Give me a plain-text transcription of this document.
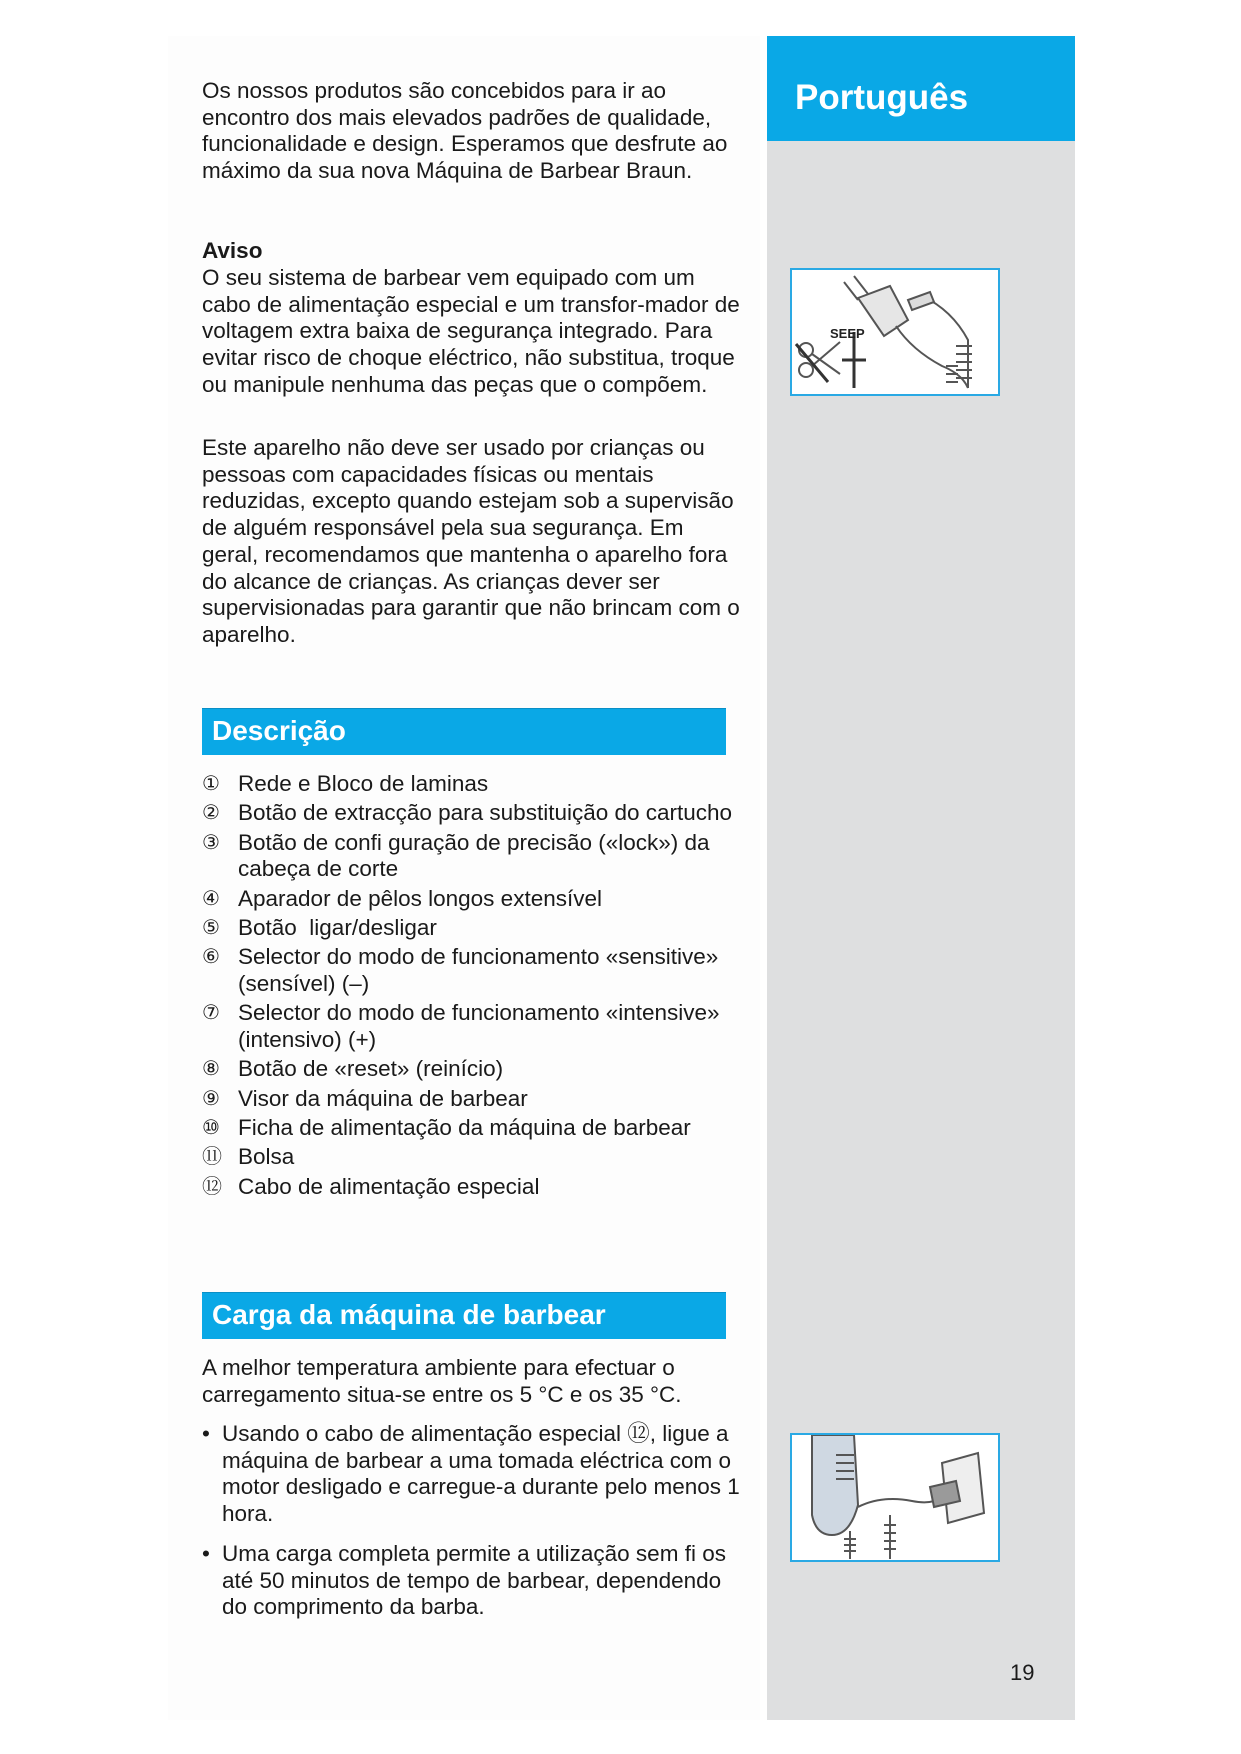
Português

Os nossos produtos são concebidos para ir ao encontro dos mais elevados padrões de qualidade, funcionalidade e design. Esperamos que desfrute ao máximo da sua nova Máquina de Barbear Braun.

Aviso

O seu sistema de barbear vem equipado com um cabo de alimentação especial e um transfor-mador de voltagem extra baixa de segurança integrado. Para evitar risco de choque eléctrico, não substitua, troque ou manipule nenhuma das peças que o compõem.

Este aparelho não deve ser usado por crianças ou pessoas com capacidades físicas ou mentais reduzidas, excepto quando estejam sob a supervisão de alguém responsável pela sua segurança. Em geral, recomendamos que mantenha o aparelho fora do alcance de crianças. As crianças dever ser supervisionadas para garantir que não brincam com o aparelho.

Descrição
① Rede e Bloco de laminas
② Botão de extracção para substituição do cartucho
③ Botão de confi guração de precisão («lock») da cabeça de corte
④ Aparador de pêlos longos extensível
⑤ Botão  ligar/desligar
⑥ Selector do modo de funcionamento «sensitive» (sensível) (–)
⑦ Selector do modo de funcionamento «intensive» (intensivo) (+)
⑧ Botão de «reset» (reinício)
⑨ Visor da máquina de barbear
⑩ Ficha de alimentação da máquina de barbear
⑪ Bolsa
⑫ Cabo de alimentação especial
Carga da máquina de barbear

A melhor temperatura ambiente para efectuar o carregamento situa-se entre os 5 °C e os 35 °C.

• Usando o cabo de alimentação especial ⑫, ligue a máquina de barbear a uma tomada eléctrica com o motor desligado e carregue-a durante pelo menos 1 hora.
• Uma carga completa permite a utilização sem fi os até 50 minutos de tempo de barbear, dependendo do comprimento da barba.
SEEP

19
